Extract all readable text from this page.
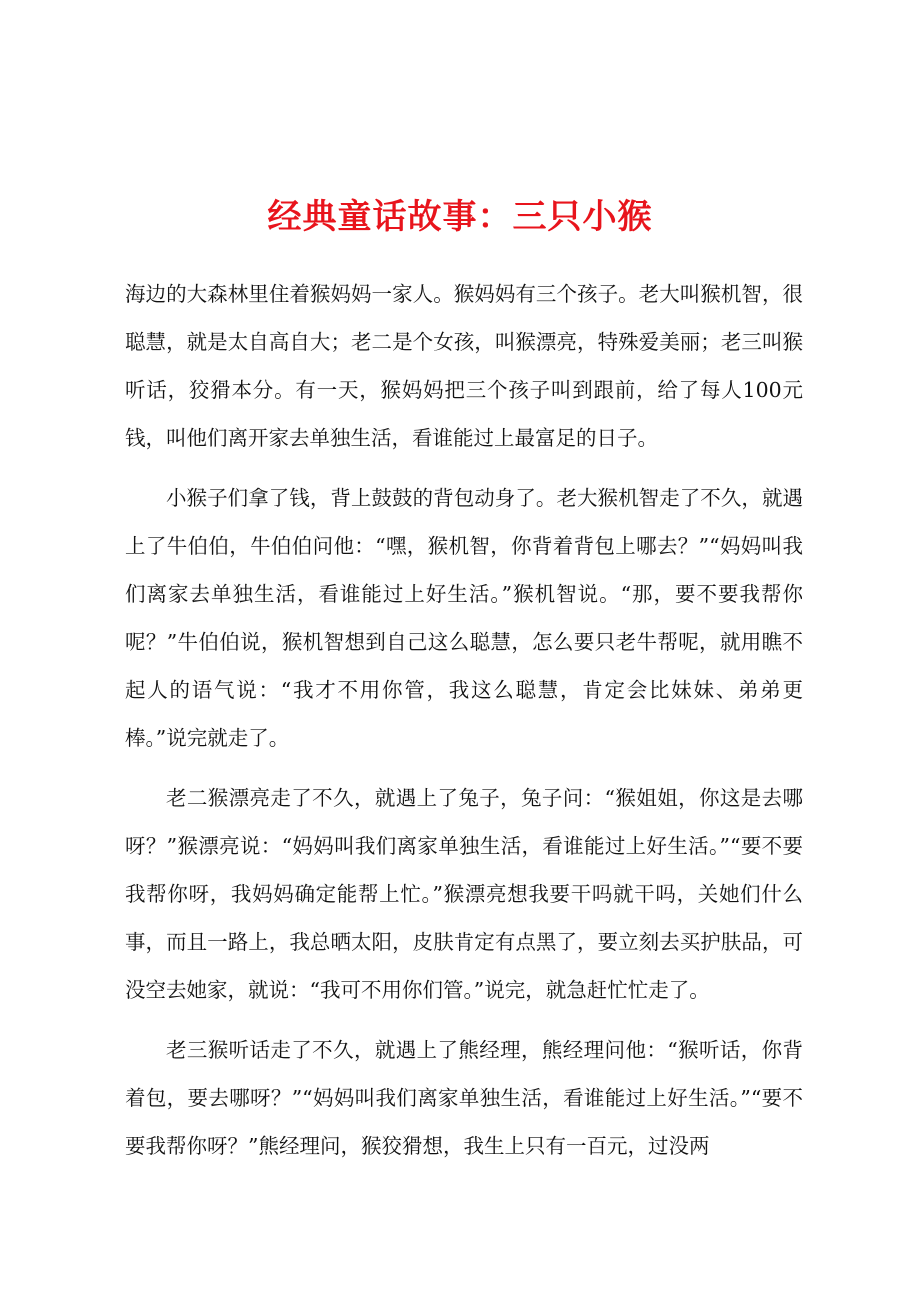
经典童话故事：三只小猴

海边的大森林里住着猴妈妈一家人。猴妈妈有三个孩子。老大叫猴机智，很聪慧，就是太自高自大；老二是个女孩，叫猴漂亮，特殊爱美丽；老三叫猴听话，狡猾本分。有一天，猴妈妈把三个孩子叫到跟前，给了每人100元钱，叫他们离开家去单独生活，看谁能过上最富足的日子。

小猴子们拿了钱，背上鼓鼓的背包动身了。老大猴机智走了不久，就遇上了牛伯伯，牛伯伯问他：“嘿，猴机智，你背着背包上哪去？”“妈妈叫我们离家去单独生活，看谁能过上好生活。”猴机智说。“那，要不要我帮你呢？”牛伯伯说，猴机智想到自己这么聪慧，怎么要只老牛帮呢，就用瞧不起人的语气说：“我才不用你管，我这么聪慧，肯定会比妹妹、弟弟更棒。”说完就走了。

老二猴漂亮走了不久，就遇上了兔子，兔子问：“猴姐姐，你这是去哪呀？”猴漂亮说：“妈妈叫我们离家单独生活，看谁能过上好生活。”“要不要我帮你呀，我妈妈确定能帮上忙。”猴漂亮想我要干吗就干吗，关她们什么事，而且一路上，我总晒太阳，皮肤肯定有点黑了，要立刻去买护肤品，可没空去她家，就说：“我可不用你们管。”说完，就急赶忙忙走了。

老三猴听话走了不久，就遇上了熊经理，熊经理问他：“猴听话，你背着包，要去哪呀？”“妈妈叫我们离家单独生活，看谁能过上好生活。”“要不要我帮你呀？”熊经理问，猴狡猾想，我生上只有一百元，过没两
